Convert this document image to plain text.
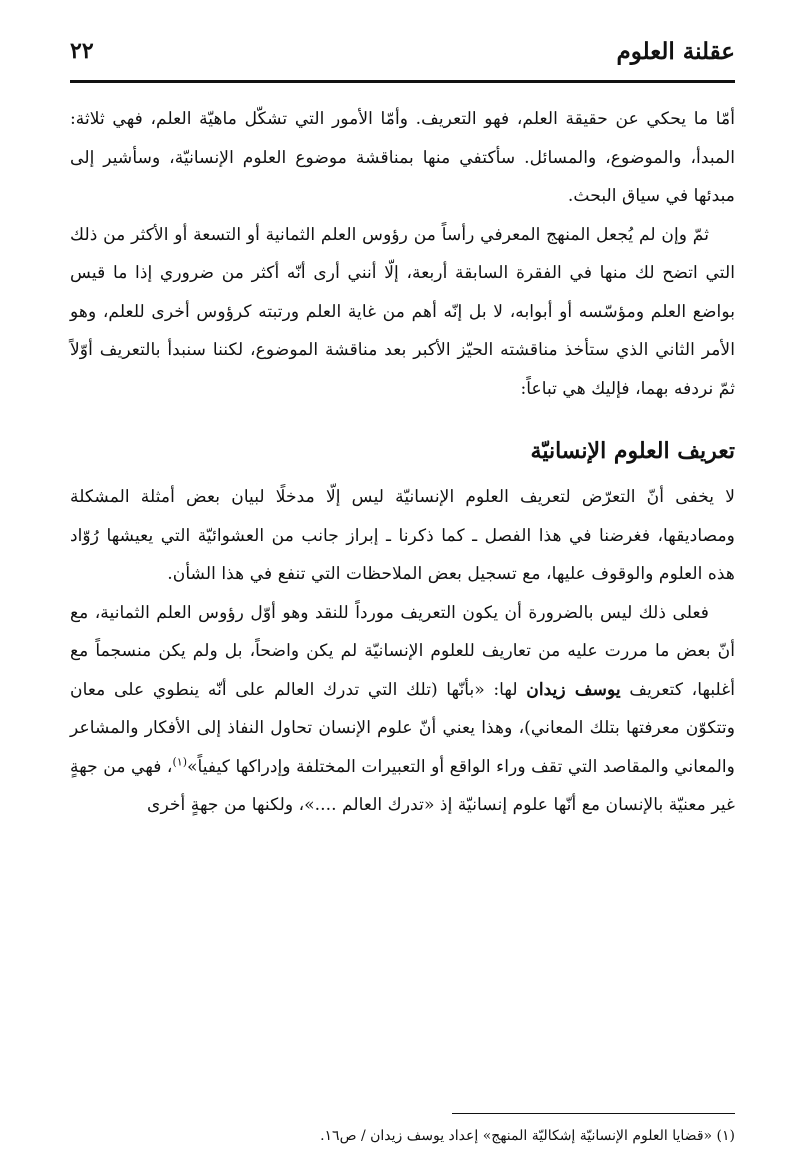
عقلنة العلوم
٢٢

أمّا ما يحكي عن حقيقة العلم، فهو التعريف. وأمّا الأمور التي تشكّل ماهيّة العلم، فهي ثلاثة: المبدأ، والموضوع، والمسائل. سأكتفي منها بمناقشة موضوع العلوم الإنسانيّة، وسأشير إلى مبدئها في سياق البحث.

ثمّ وإن لم يُجعل المنهج المعرفي رأساً من رؤوس العلم الثمانية أو التسعة أو الأكثر من ذلك التي اتضح لك منها في الفقرة السابقة أربعة، إلّا أنني أرى أنّه أكثر من ضروري إذا ما قيس بواضع العلم ومؤسّسه أو أبوابه، لا بل إنّه أهم من غاية العلم ورتبته كرؤوس أخرى للعلم، وهو الأمر الثاني الذي ستأخذ مناقشته الحيّز الأكبر بعد مناقشة الموضوع، لكننا سنبدأ بالتعريف أوّلاً ثمّ نردفه بهما، فإليك هي تباعاً:

تعريف العلوم الإنسانيّة

لا يخفى أنّ التعرّض لتعريف العلوم الإنسانيّة ليس إلّا مدخلًا لبيان بعض أمثلة المشكلة ومصاديقها، فغرضنا في هذا الفصل ـ كما ذكرنا ـ إبراز جانب من العشوائيّة التي يعيشها رُوّاد هذه العلوم والوقوف عليها، مع تسجيل بعض الملاحظات التي تنفع في هذا الشأن.

فعلى ذلك ليس بالضرورة أن يكون التعريف مورداً للنقد وهو أوّل رؤوس العلم الثمانية، مع أنّ بعض ما مررت عليه من تعاريف للعلوم الإنسانيّة لم يكن واضحاً، بل ولم يكن منسجماً مع أغلبها، كتعريف يوسف زيدان لها: «بأنّها (تلك التي تدرك العالم على أنّه ينطوي على معان وتتكوّن معرفتها بتلك المعاني)، وهذا يعني أنّ علوم الإنسان تحاول النفاذ إلى الأفكار والمشاعر والمعاني والمقاصد التي تقف وراء الواقع أو التعبيرات المختلفة وإدراكها كيفياً»$^{(١)}$، فهي من جهةٍ غير معنيّة بالإنسان مع أنّها علوم إنسانيّة إذ «تدرك العالم ....»، ولكنها من جهةٍ أخرى

(١) «قضايا العلوم الإنسانيّة إشكاليّة المنهج» إعداد يوسف زيدان / ص١٦.
